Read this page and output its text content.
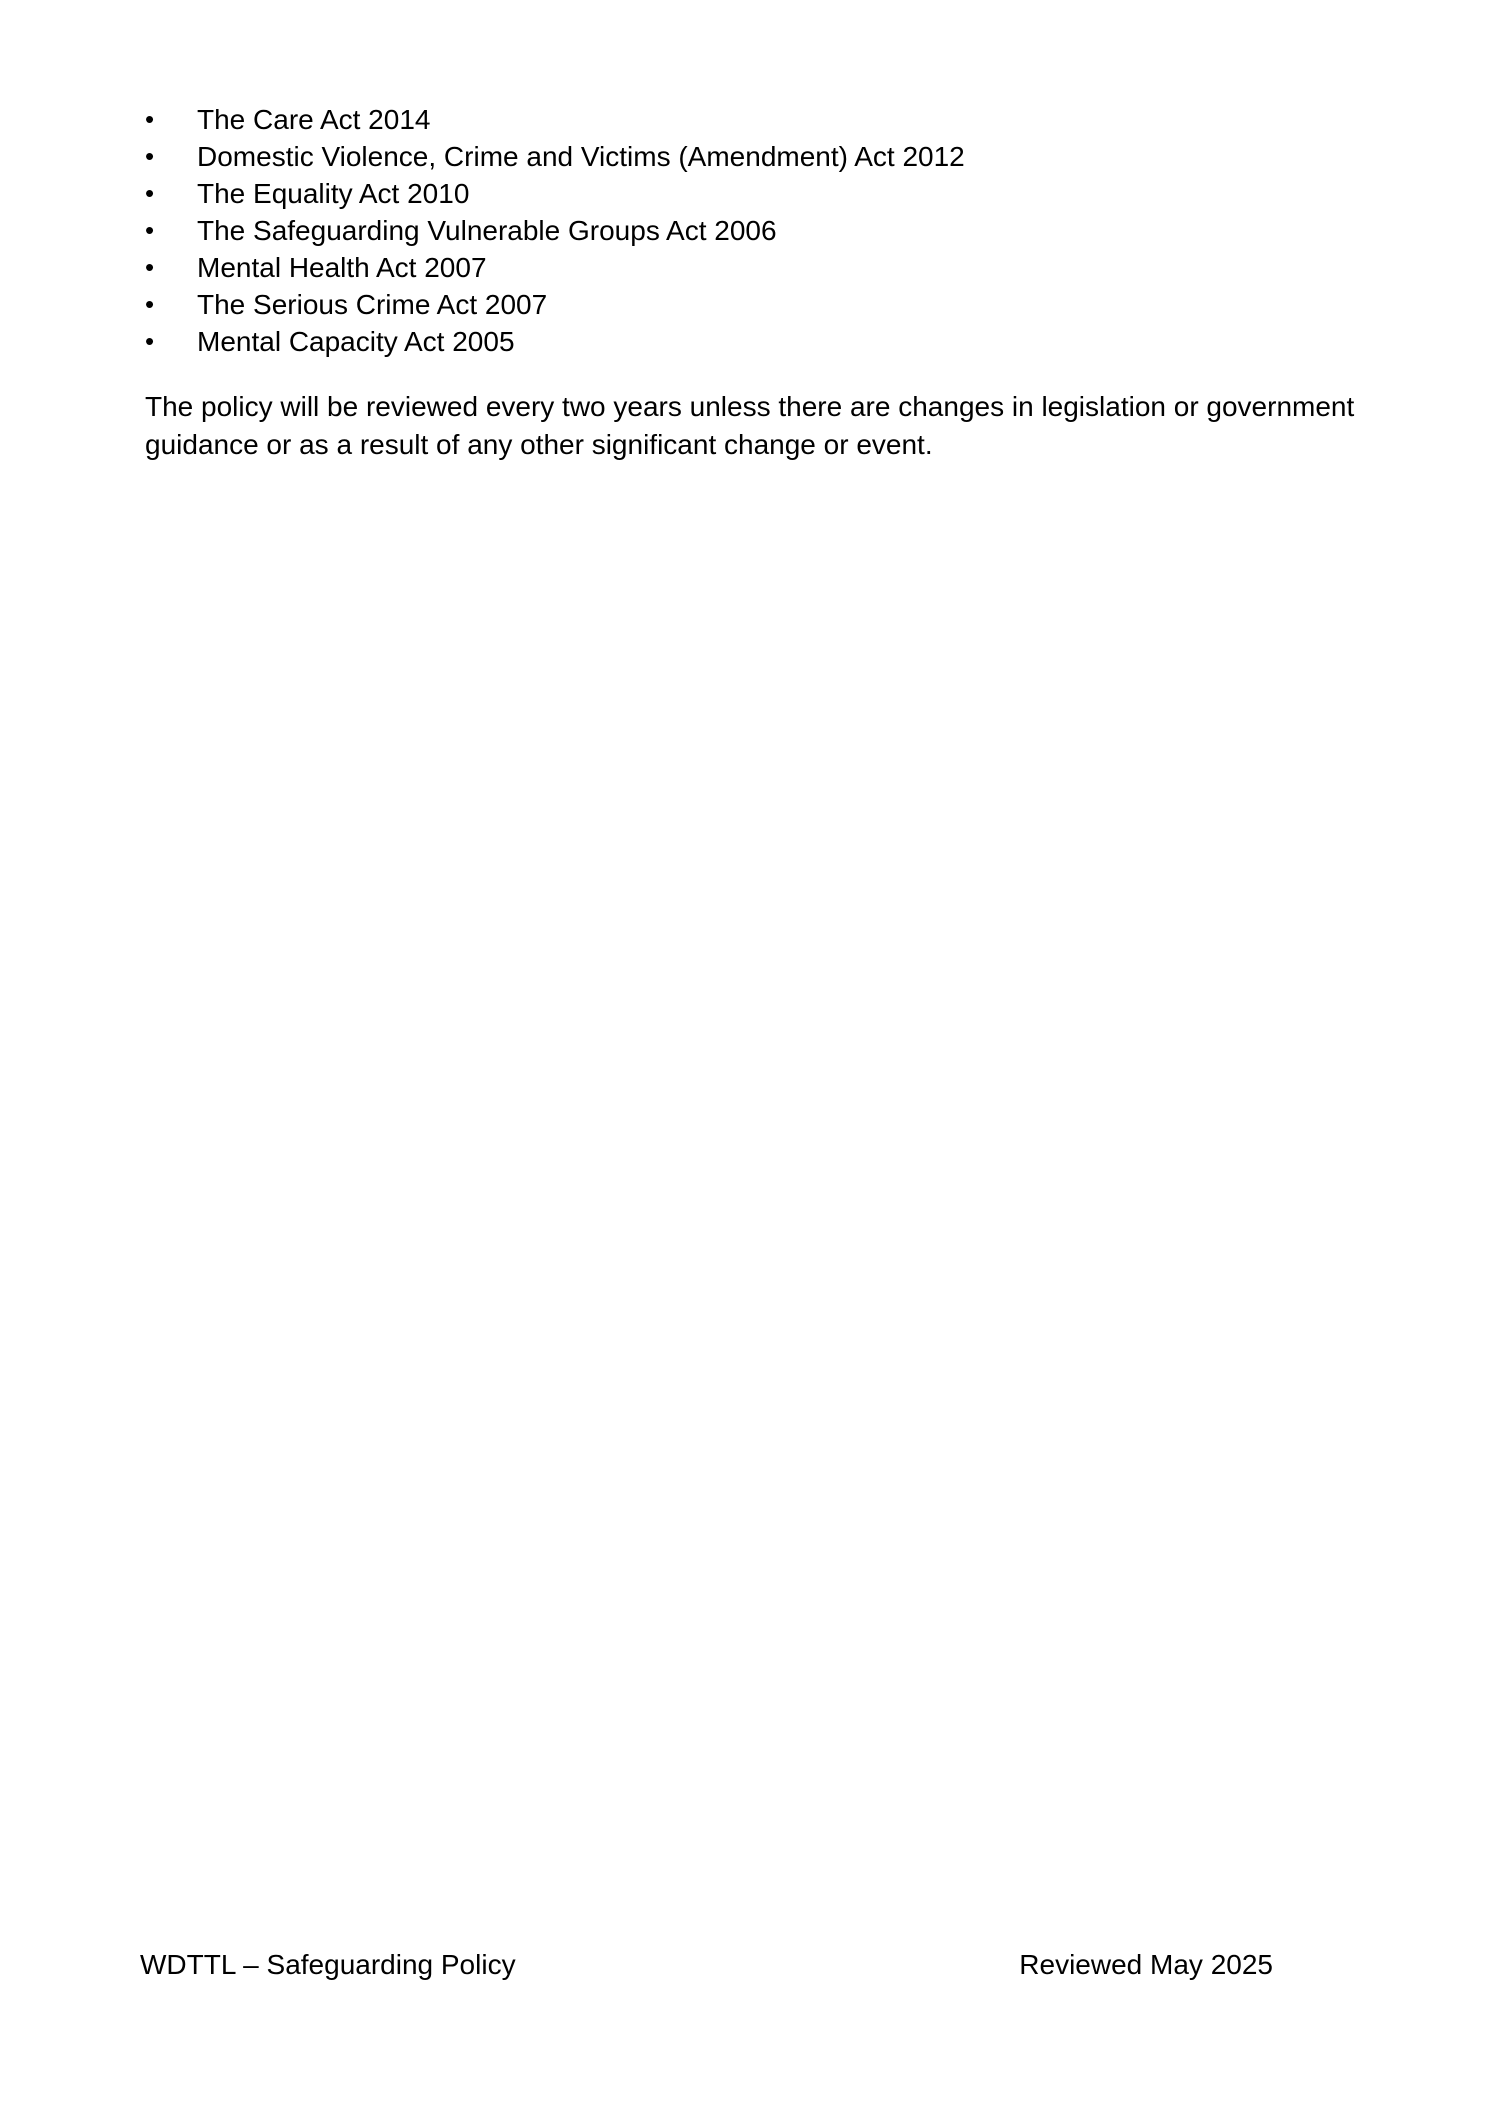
•	The Care Act 2014
•	Domestic Violence, Crime and Victims (Amendment) Act 2012
•	The Equality Act 2010
•	The Safeguarding Vulnerable Groups Act 2006
•	Mental Health Act 2007
•	The Serious Crime Act 2007
•	Mental Capacity Act 2005

The policy will be reviewed every two years unless there are changes in legislation or government guidance or as a result of any other significant change or event.

WDTTL – Safeguarding Policy	Reviewed May 2025
